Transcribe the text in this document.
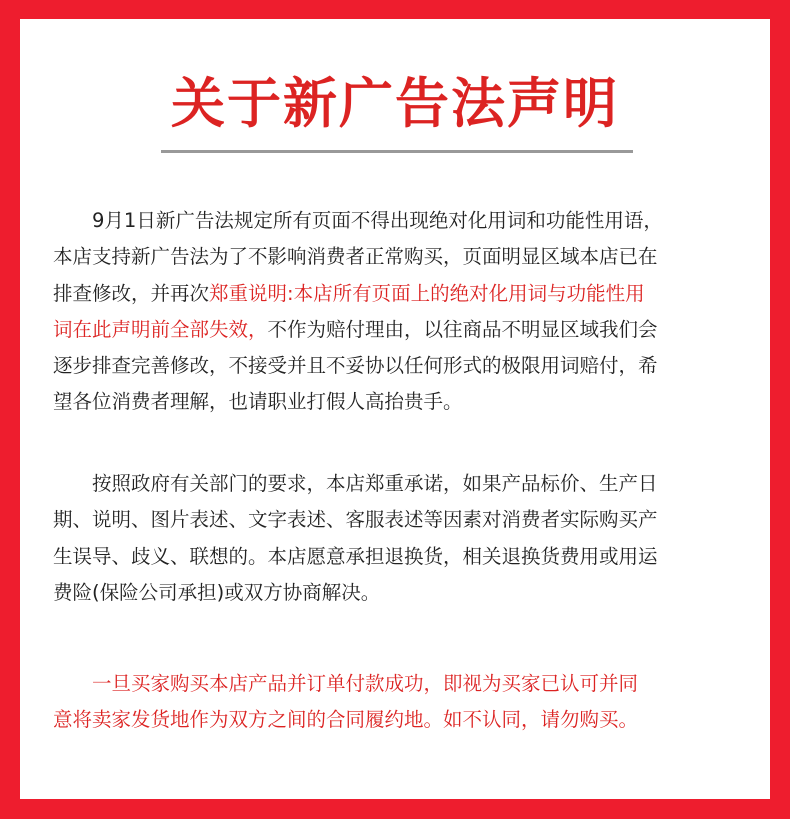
关于新广告法声明
　　9月1日新广告法规定所有页面不得出现绝对化用词和功能性用语，
本店支持新广告法为了不影响消费者正常购买，页面明显区域本店已在
排查修改，并再次郑重说明:本店所有页面上的绝对化用词与功能性用
词在此声明前全部失效，不作为赔付理由，以往商品不明显区域我们会
逐步排查完善修改，不接受并且不妥协以任何形式的极限用词赔付，希
望各位消费者理解，也请职业打假人高抬贵手。
　　按照政府有关部门的要求，本店郑重承诺，如果产品标价、生产日
期、说明、图片表述、文字表述、客服表述等因素对消费者实际购买产
生误导、歧义、联想的。本店愿意承担退换货，相关退换货费用或用运
费险(保险公司承担)或双方协商解决。
　　一旦买家购买本店产品并订单付款成功，即视为买家已认可并同
意将卖家发货地作为双方之间的合同履约地。如不认同，请勿购买。
